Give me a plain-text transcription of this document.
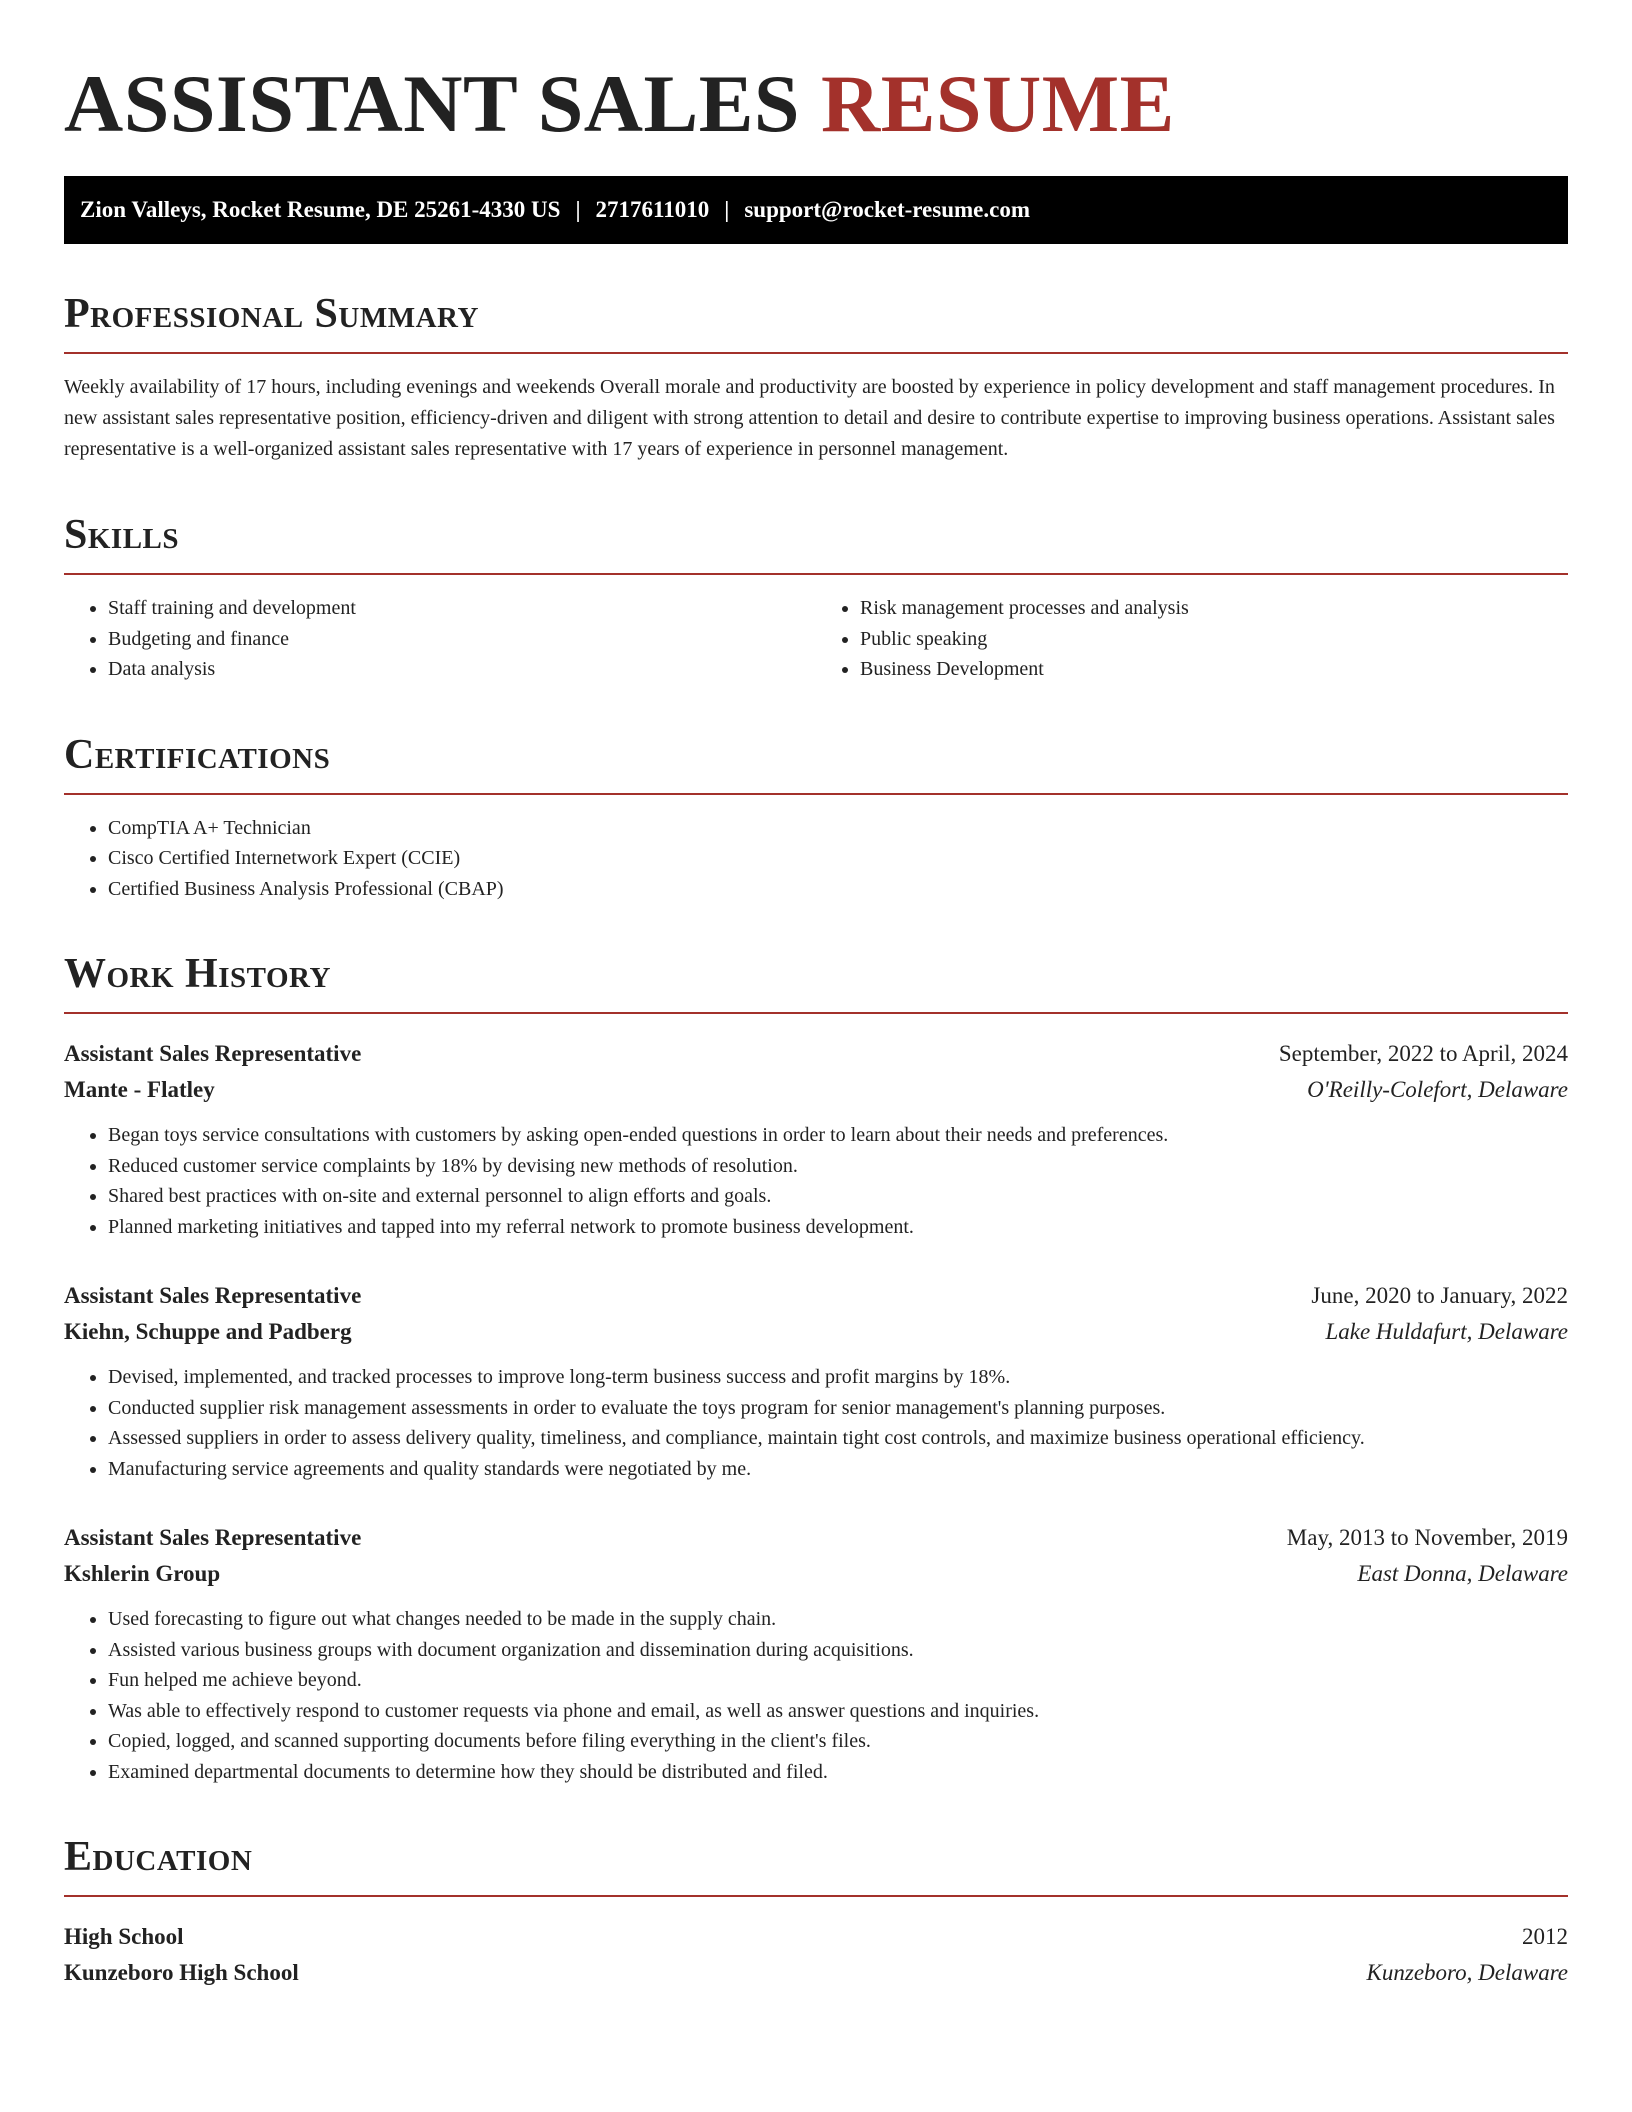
ASSISTANT SALES RESUME
Zion Valleys, Rocket Resume, DE 25261-4330 US | 2717611010 | support@rocket-resume.com
Professional Summary

Weekly availability of 17 hours, including evenings and weekends Overall morale and productivity are boosted by experience in policy development and staff management procedures. In new assistant sales representative position, efficiency-driven and diligent with strong attention to detail and desire to contribute expertise to improving business operations. Assistant sales representative is a well-organized assistant sales representative with 17 years of experience in personnel management.

Skills
• Staff training and development
• Budgeting and finance
• Data analysis
• Risk management processes and analysis
• Public speaking
• Business Development
Certifications
• CompTIA A+ Technician
• Cisco Certified Internetwork Expert (CCIE)
• Certified Business Analysis Professional (CBAP)
Work History
Assistant Sales Representative	September, 2022 to April, 2024
Mante - Flatley	O'Reilly-Colefort, Delaware
• Began toys service consultations with customers by asking open-ended questions in order to learn about their needs and preferences.
• Reduced customer service complaints by 18% by devising new methods of resolution.
• Shared best practices with on-site and external personnel to align efforts and goals.
• Planned marketing initiatives and tapped into my referral network to promote business development.
Assistant Sales Representative	June, 2020 to January, 2022
Kiehn, Schuppe and Padberg	Lake Huldafurt, Delaware
• Devised, implemented, and tracked processes to improve long-term business success and profit margins by 18%.
• Conducted supplier risk management assessments in order to evaluate the toys program for senior management's planning purposes.
• Assessed suppliers in order to assess delivery quality, timeliness, and compliance, maintain tight cost controls, and maximize business operational efficiency.
• Manufacturing service agreements and quality standards were negotiated by me.
Assistant Sales Representative	May, 2013 to November, 2019
Kshlerin Group	East Donna, Delaware
• Used forecasting to figure out what changes needed to be made in the supply chain.
• Assisted various business groups with document organization and dissemination during acquisitions.
• Fun helped me achieve beyond.
• Was able to effectively respond to customer requests via phone and email, as well as answer questions and inquiries.
• Copied, logged, and scanned supporting documents before filing everything in the client's files.
• Examined departmental documents to determine how they should be distributed and filed.
Education
High School	2012
Kunzeboro High School	Kunzeboro, Delaware
